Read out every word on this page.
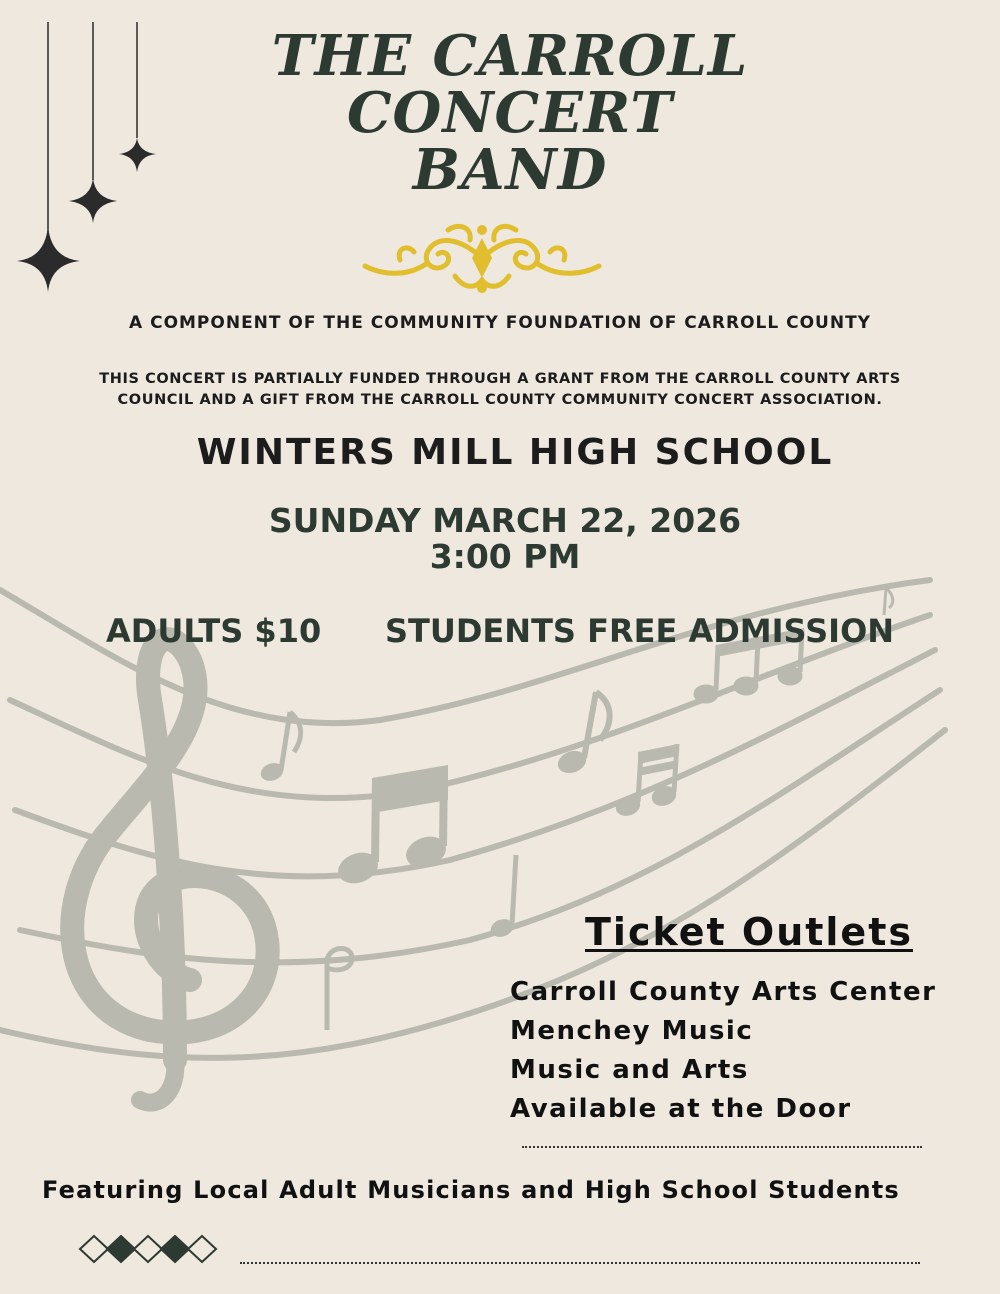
THE CARROLL
CONCERT
BAND

A COMPONENT OF THE COMMUNITY FOUNDATION OF CARROLL COUNTY

THIS CONCERT IS PARTIALLY FUNDED THROUGH A GRANT FROM THE CARROLL COUNTY ARTS
COUNCIL AND A GIFT FROM THE CARROLL COUNTY COMMUNITY CONCERT ASSOCIATION.
WINTERS MILL HIGH SCHOOL
SUNDAY MARCH 22, 2026
3:00 PM
ADULTS $10 STUDENTS FREE ADMISSION
Ticket Outlets

Carroll County Arts Center

Menchey Music

Music and Arts

Available at the Door

Featuring Local Adult Musicians and High School Students
